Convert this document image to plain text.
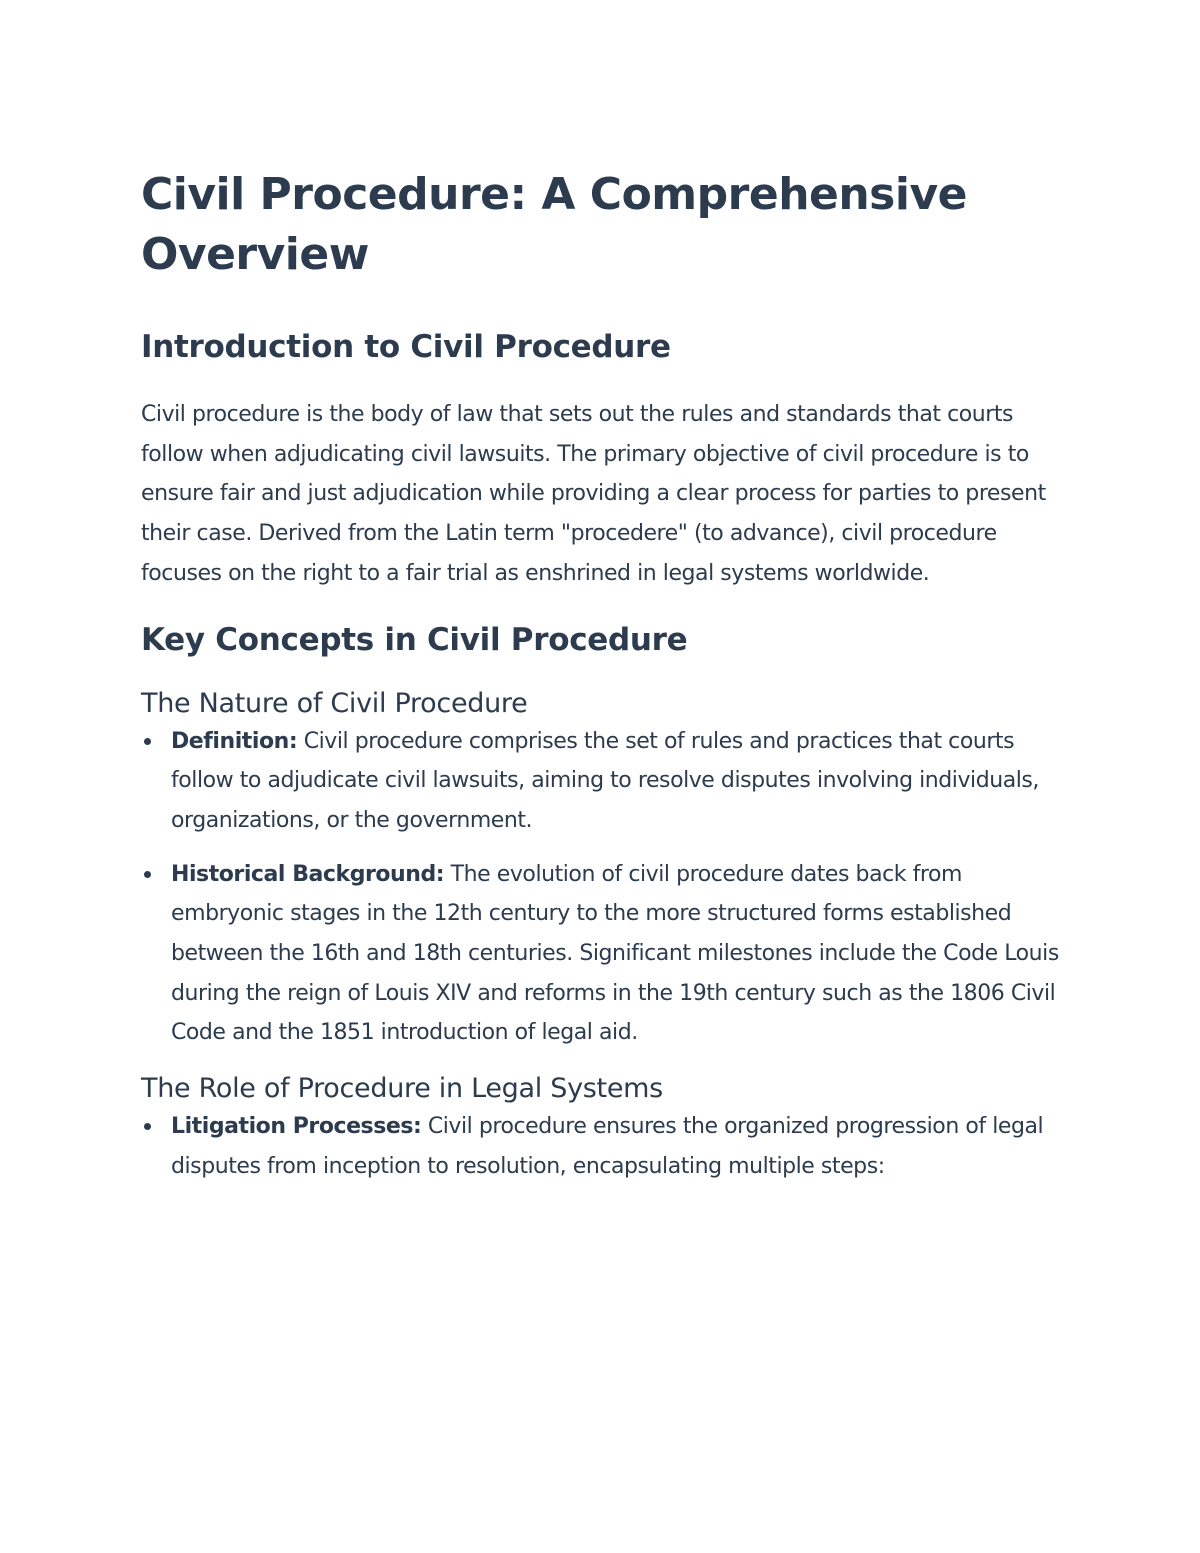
Civil Procedure: A Comprehensive Overview
Introduction to Civil Procedure

Civil procedure is the body of law that sets out the rules and standards that courts follow when adjudicating civil lawsuits. The primary objective of civil procedure is to ensure fair and just adjudication while providing a clear process for parties to present their case. Derived from the Latin term "procedere" (to advance), civil procedure focuses on the right to a fair trial as enshrined in legal systems worldwide.

Key Concepts in Civil Procedure
The Nature of Civil Procedure
Definition: Civil procedure comprises the set of rules and practices that courts follow to adjudicate civil lawsuits, aiming to resolve disputes involving individuals, organizations, or the government.
Historical Background: The evolution of civil procedure dates back from embryonic stages in the 12th century to the more structured forms established between the 16th and 18th centuries. Significant milestones include the Code Louis during the reign of Louis XIV and reforms in the 19th century such as the 1806 Civil Code and the 1851 introduction of legal aid.
The Role of Procedure in Legal Systems
Litigation Processes: Civil procedure ensures the organized progression of legal disputes from inception to resolution, encapsulating multiple steps:
